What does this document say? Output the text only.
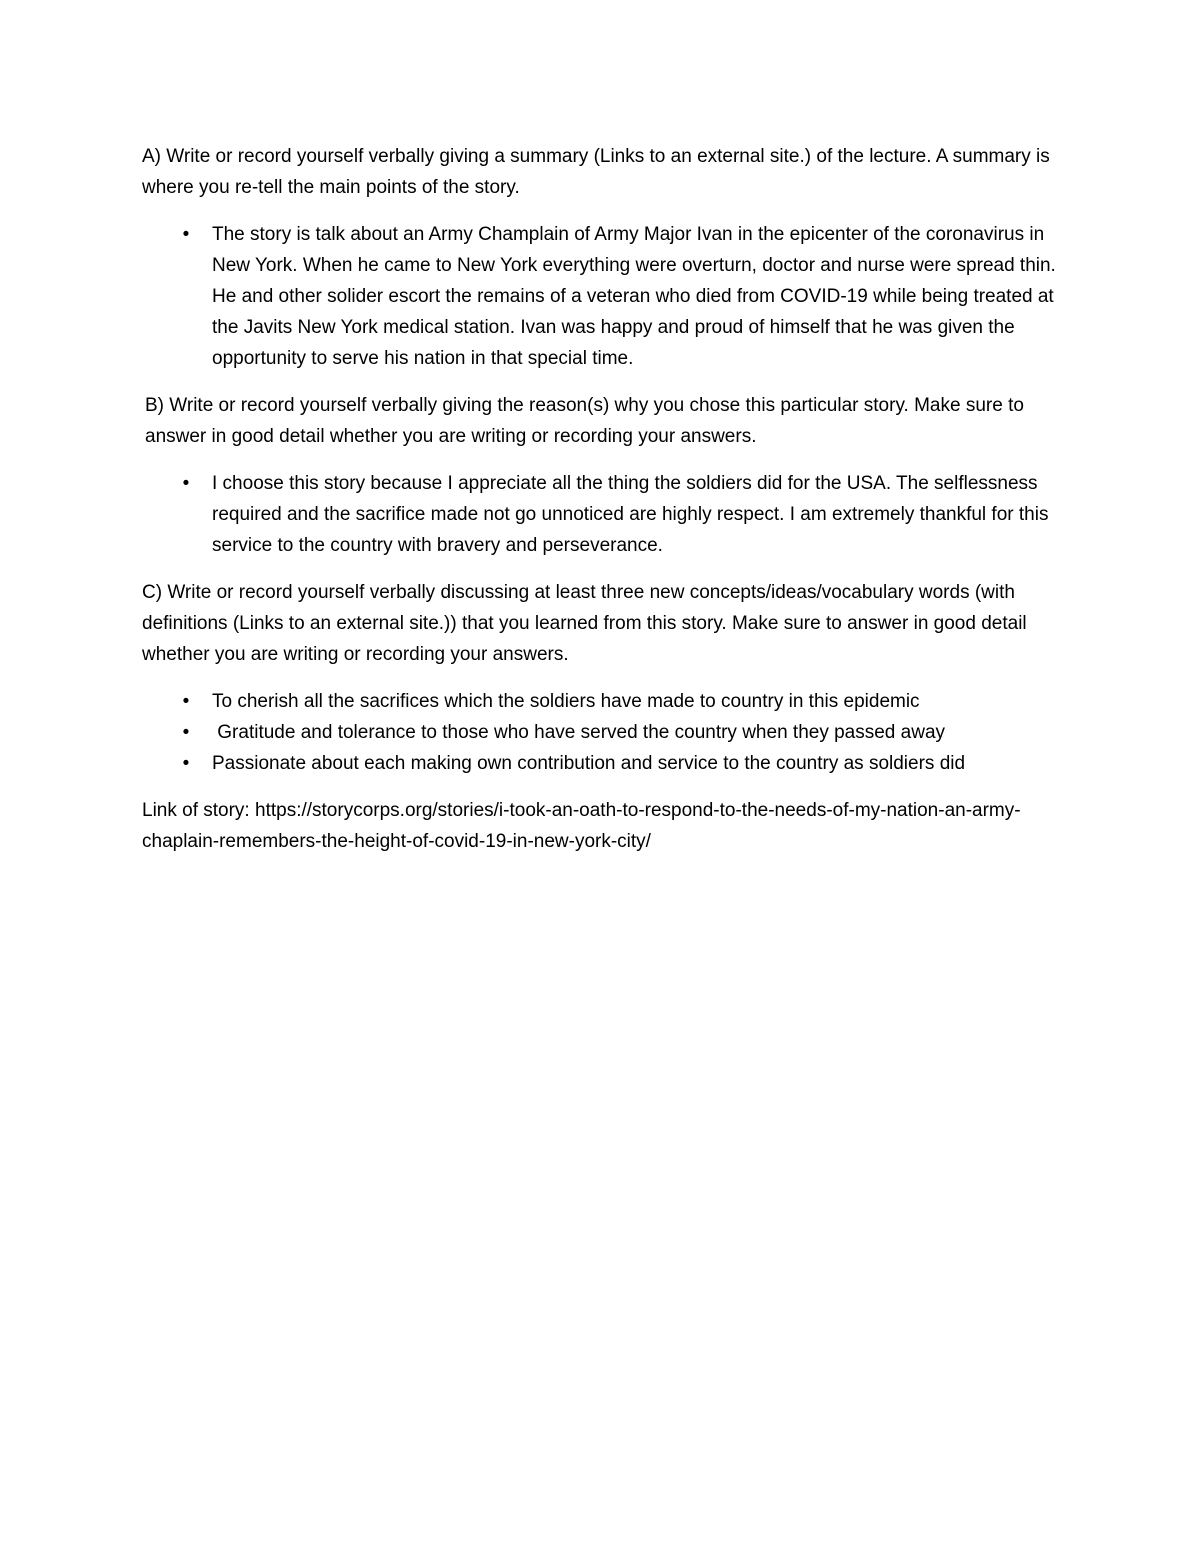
A) Write or record yourself verbally giving a summary (Links to an external site.) of the lecture. A summary is where you re-tell the main points of the story.

•	The story is talk about an Army Champlain of Army Major Ivan in the epicenter of the coronavirus in New York. When he came to New York everything were overturn, doctor and nurse were spread thin. He and other solider escort the remains of a veteran who died from COVID-19 while being treated at the Javits New York medical station. Ivan was happy and proud of himself that he was given the opportunity to serve his nation in that special time.

B) Write or record yourself verbally giving the reason(s) why you chose this particular story. Make sure to answer in good detail whether you are writing or recording your answers.

•	I choose this story because I appreciate all the thing the soldiers did for the USA. The selflessness required and the sacrifice made not go unnoticed are highly respect. I am extremely thankful for this service to the country with bravery and perseverance.

C) Write or record yourself verbally discussing at least three new concepts/ideas/vocabulary words (with definitions (Links to an external site.)) that you learned from this story. Make sure to answer in good detail whether you are writing or recording your answers.

•	To cherish all the sacrifices which the soldiers have made to country in this epidemic
•	Gratitude and tolerance to those who have served the country when they passed away
•	Passionate about each making own contribution and service to the country as soldiers did

Link of story: https://storycorps.org/stories/i-took-an-oath-to-respond-to-the-needs-of-my-nation-an-army-chaplain-remembers-the-height-of-covid-19-in-new-york-city/
